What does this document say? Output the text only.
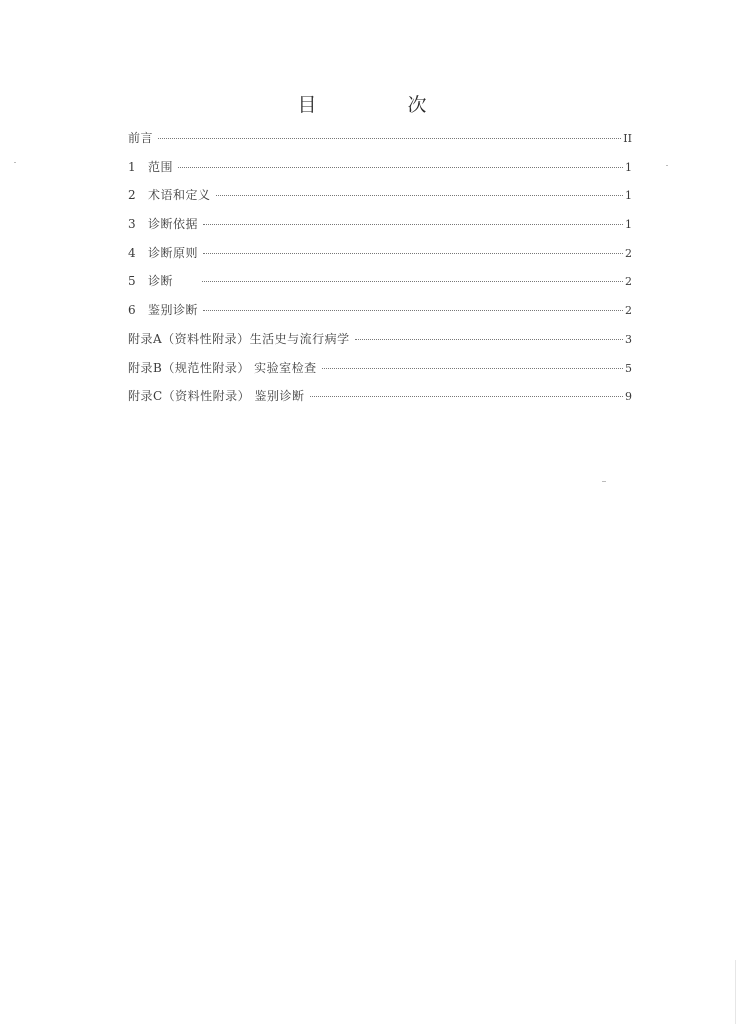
目　次
前言	II
1	范围	1
2	术语和定义	1
3	诊断依据	1
4	诊断原则	2
5	诊断	2
6	鉴别诊断	2
附录A（资料性附录）生活史与流行病学	3
附录B（规范性附录） 实验室检查	5
附录C（资料性附录） 鉴别诊断	9
